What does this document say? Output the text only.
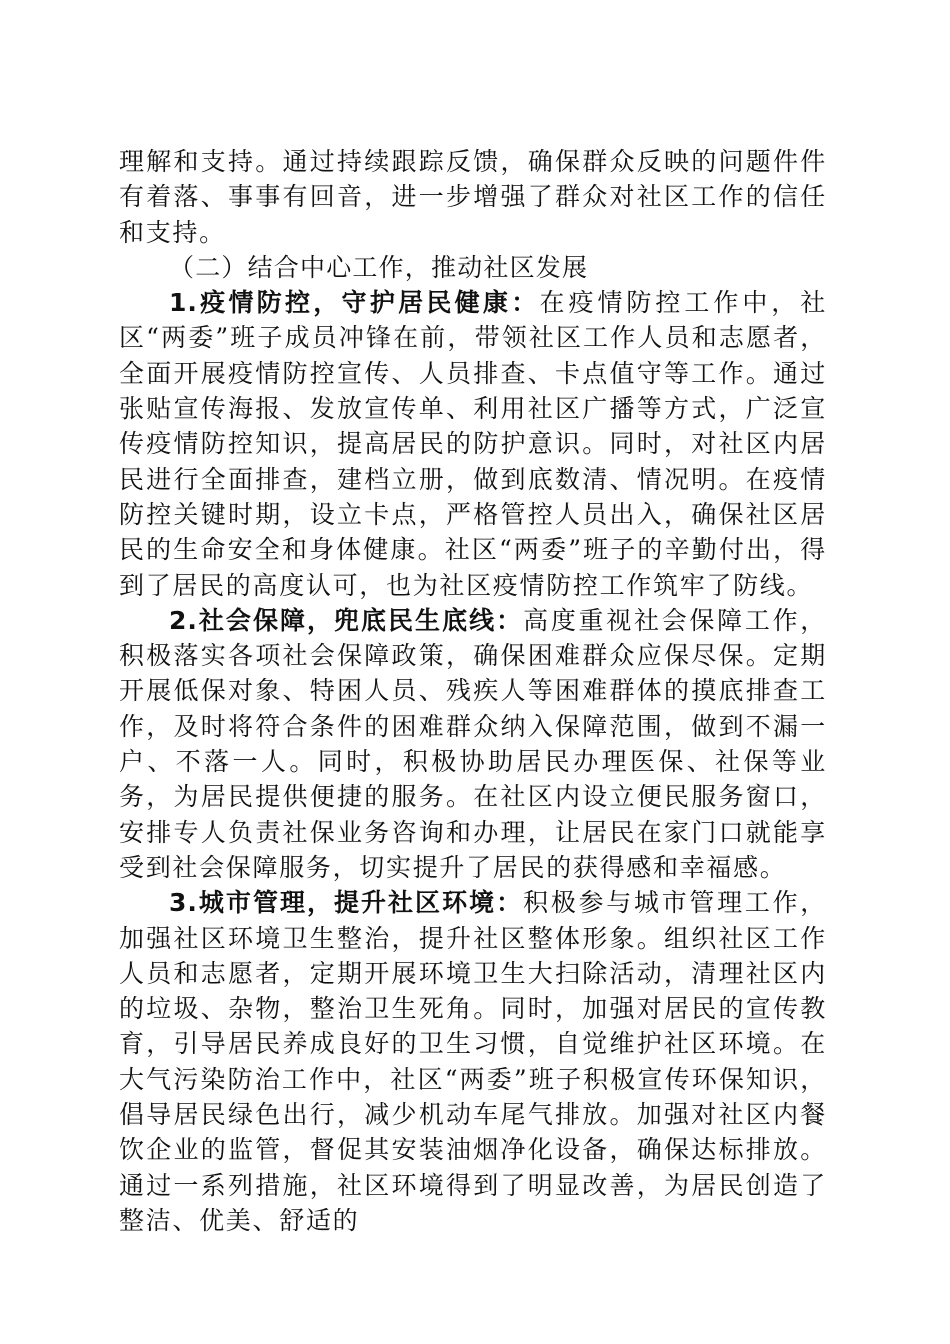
理解和支持。通过持续跟踪反馈，确保群众反映的问题件件有着落、事事有回音，进一步增强了群众对社区工作的信任和支持。

（二）结合中心工作，推动社区发展

1.疫情防控，守护居民健康：在疫情防控工作中，社区“两委”班子成员冲锋在前，带领社区工作人员和志愿者，全面开展疫情防控宣传、人员排查、卡点值守等工作。通过张贴宣传海报、发放宣传单、利用社区广播等方式，广泛宣传疫情防控知识，提高居民的防护意识。同时，对社区内居民进行全面排查，建档立册，做到底数清、情况明。在疫情防控关键时期，设立卡点，严格管控人员出入，确保社区居民的生命安全和身体健康。社区“两委”班子的辛勤付出，得到了居民的高度认可，也为社区疫情防控工作筑牢了防线。

2.社会保障，兜底民生底线：高度重视社会保障工作，积极落实各项社会保障政策，确保困难群众应保尽保。定期开展低保对象、特困人员、残疾人等困难群体的摸底排查工作，及时将符合条件的困难群众纳入保障范围，做到不漏一户、不落一人。同时，积极协助居民办理医保、社保等业务，为居民提供便捷的服务。在社区内设立便民服务窗口，安排专人负责社保业务咨询和办理，让居民在家门口就能享受到社会保障服务，切实提升了居民的获得感和幸福感。

3.城市管理，提升社区环境：积极参与城市管理工作，加强社区环境卫生整治，提升社区整体形象。组织社区工作人员和志愿者，定期开展环境卫生大扫除活动，清理社区内的垃圾、杂物，整治卫生死角。同时，加强对居民的宣传教育，引导居民养成良好的卫生习惯，自觉维护社区环境。在大气污染防治工作中，社区“两委”班子积极宣传环保知识，倡导居民绿色出行，减少机动车尾气排放。加强对社区内餐饮企业的监管，督促其安装油烟净化设备，确保达标排放。通过一系列措施，社区环境得到了明显改善，为居民创造了整洁、优美、舒适的
